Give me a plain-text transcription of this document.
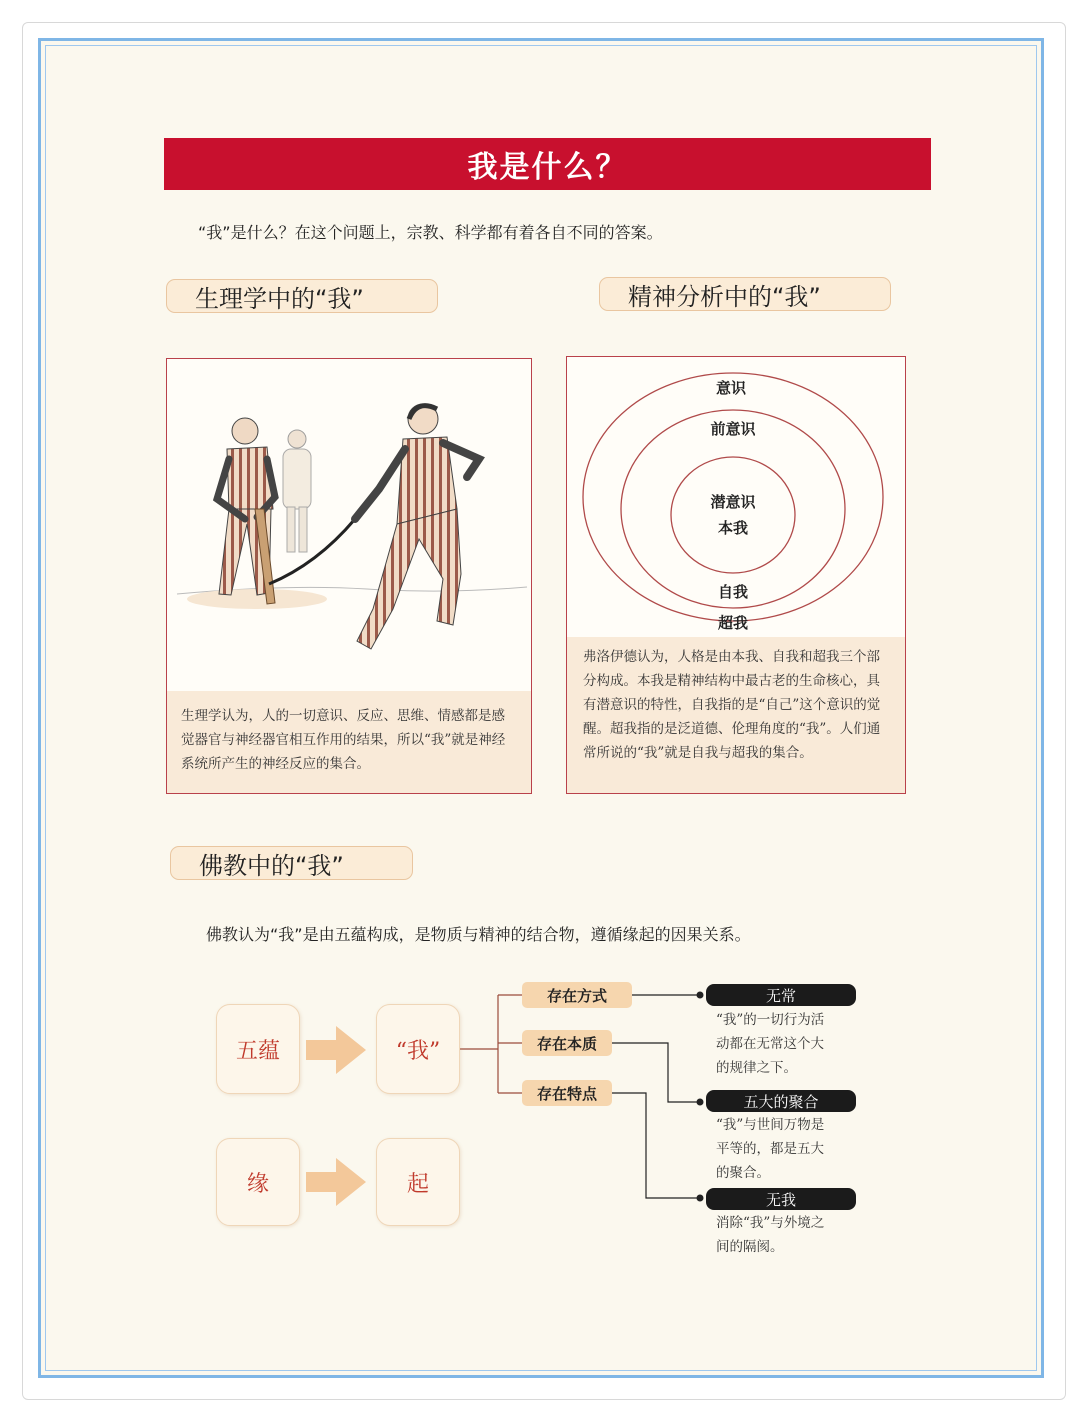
我是什么？
“我”是什么？在这个问题上，宗教、科学都有着各自不同的答案。
生理学中的“我”	精神分析中的“我”
生理学认为，人的一切意识、反应、思维、情感都是感觉器官与神经器官相互作用的结果，所以“我”就是神经系统所产生的神经反应的集合。
意识
前意识
潜意识
本我
自我
超我
弗洛伊德认为，人格是由本我、自我和超我三个部分构成。本我是精神结构中最古老的生命核心，具有潜意识的特性，自我指的是“自己”这个意识的觉醒。超我指的是泛道德、伦理角度的“我”。人们通常所说的“我”就是自我与超我的集合。
佛教中的“我”
佛教认为“我”是由五蕴构成，是物质与精神的结合物，遵循缘起的因果关系。
五蕴	“我”
缘	起
存在方式
存在本质
存在特点
无常
五大的聚合
无我
“我”的一切行为活
动都在无常这个大
的规律之下。
“我”与世间万物是
平等的，都是五大
的聚合。
消除“我”与外境之
间的隔阂。
